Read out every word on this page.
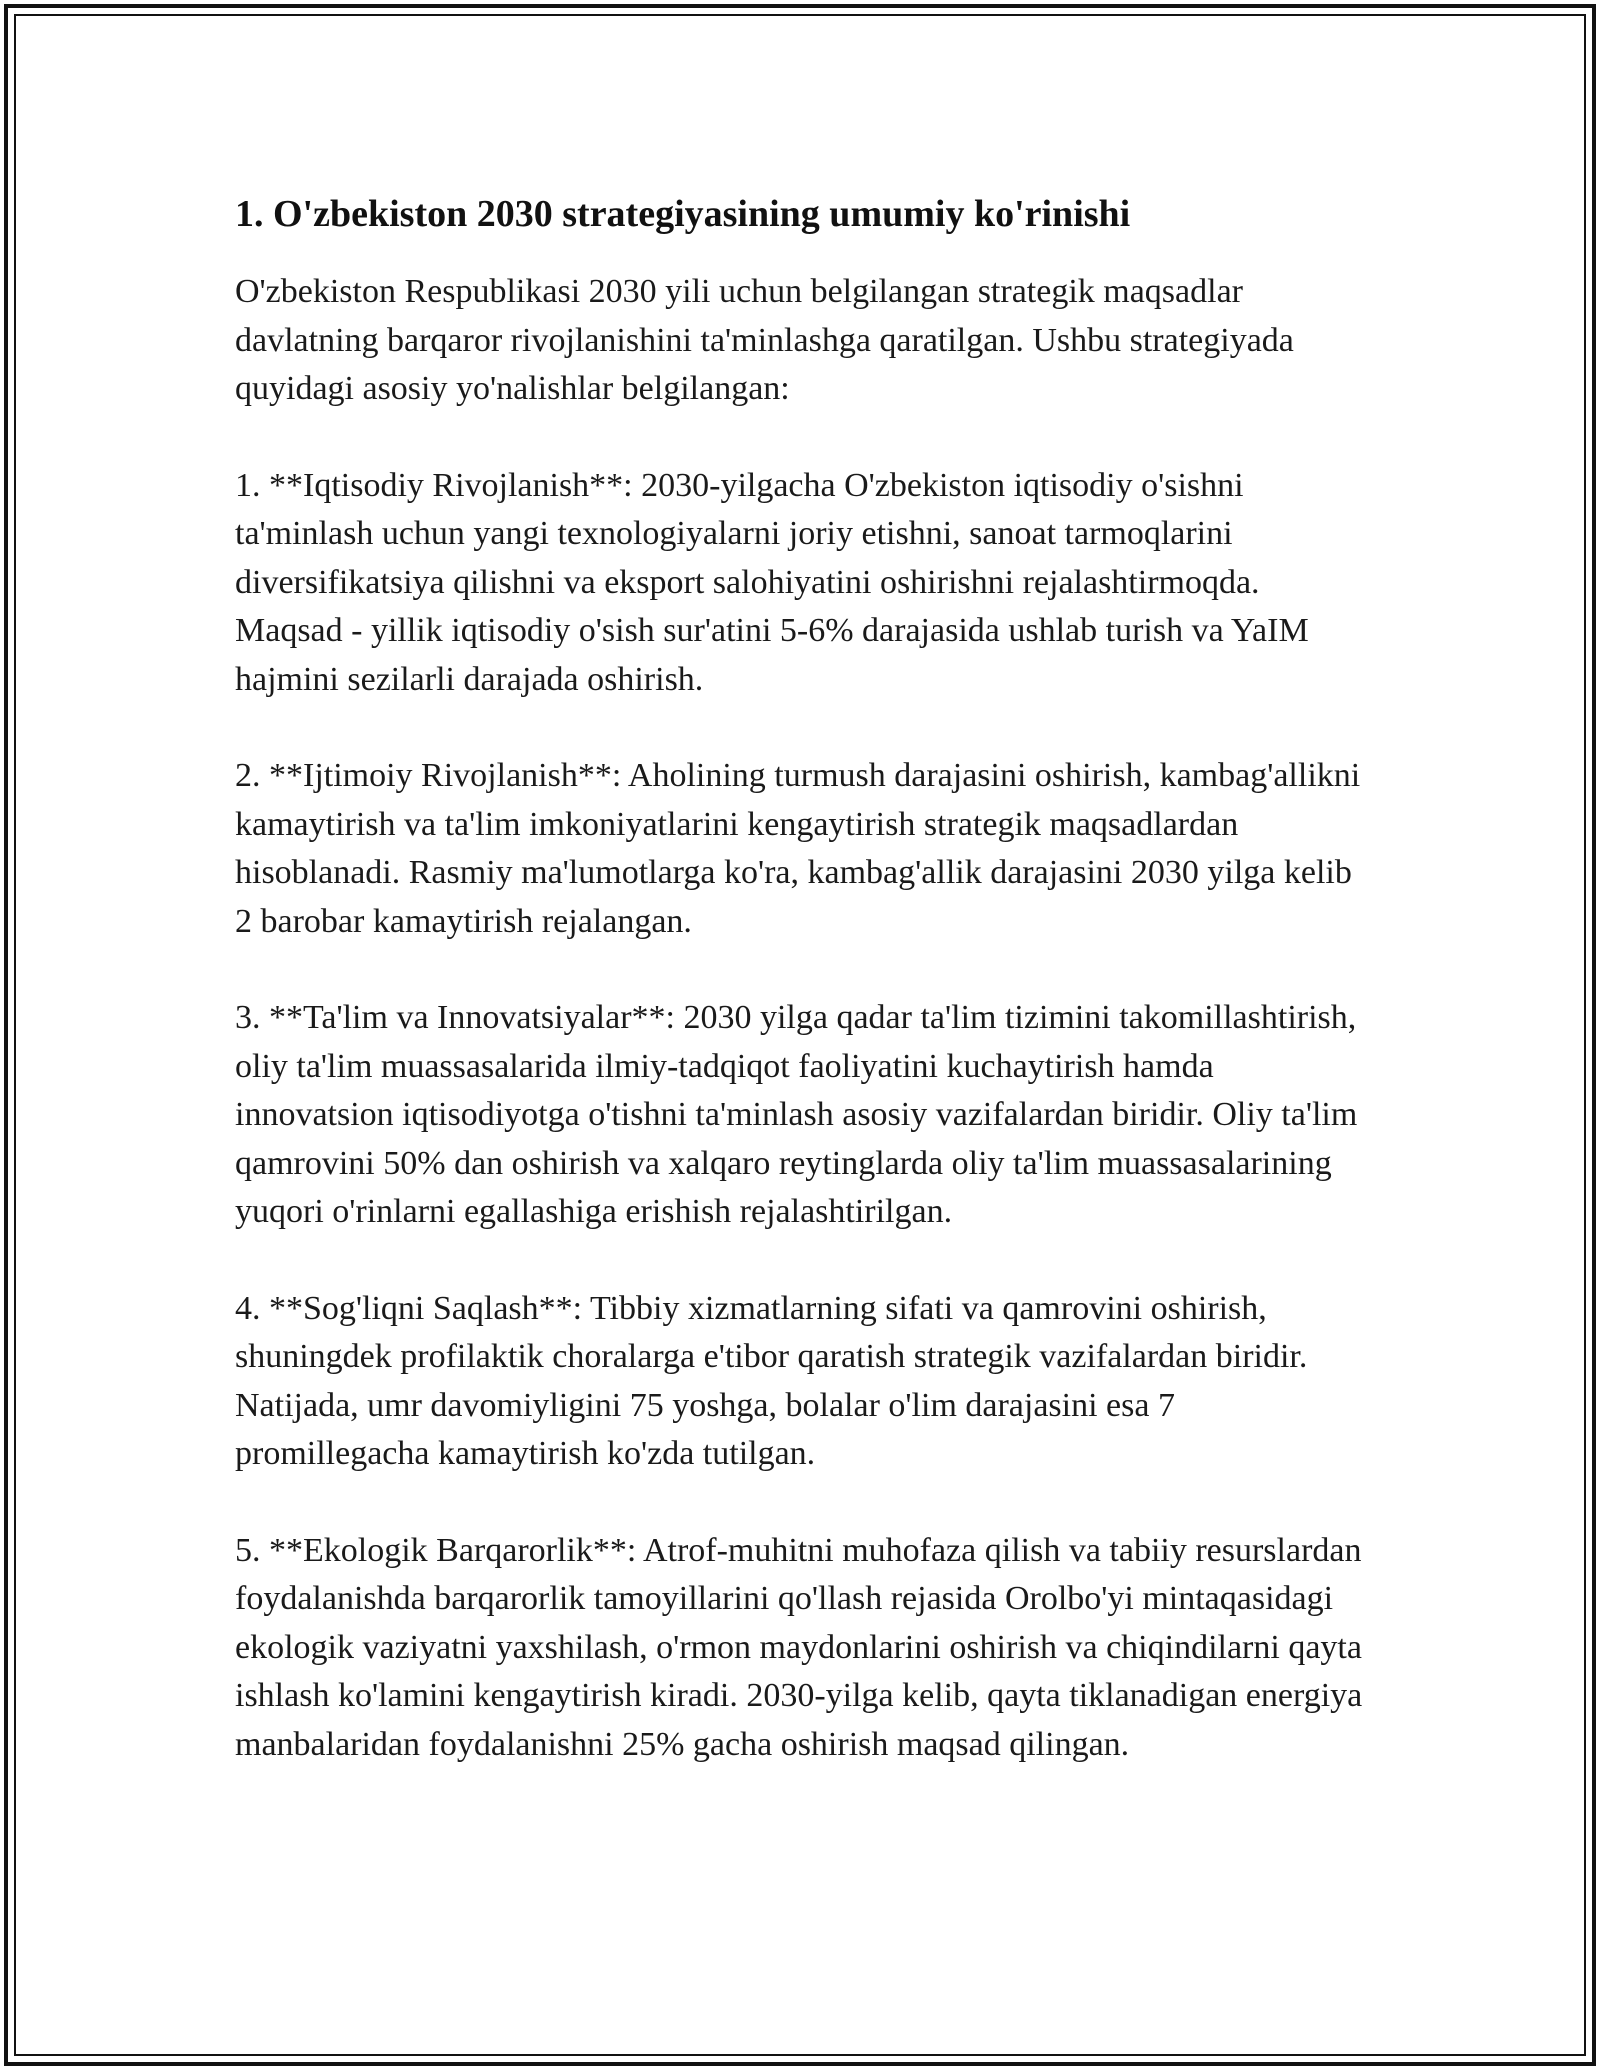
1. O'zbekiston 2030 strategiyasining umumiy ko'rinishi

O'zbekiston Respublikasi 2030 yili uchun belgilangan strategik maqsadlar davlatning barqaror rivojlanishini ta'minlashga qaratilgan. Ushbu strategiyada quyidagi asosiy yo'nalishlar belgilangan:

1. **Iqtisodiy Rivojlanish**: 2030-yilgacha O'zbekiston iqtisodiy o'sishni ta'minlash uchun yangi texnologiyalarni joriy etishni, sanoat tarmoqlarini diversifikatsiya qilishni va eksport salohiyatini oshirishni rejalashtirmoqda. Maqsad - yillik iqtisodiy o'sish sur'atini 5-6% darajasida ushlab turish va YaIM hajmini sezilarli darajada oshirish.

2. **Ijtimoiy Rivojlanish**: Aholining turmush darajasini oshirish, kambag'allikni kamaytirish va ta'lim imkoniyatlarini kengaytirish strategik maqsadlardan hisoblanadi. Rasmiy ma'lumotlarga ko'ra, kambag'allik darajasini 2030 yilga kelib 2 barobar kamaytirish rejalangan.

3. **Ta'lim va Innovatsiyalar**: 2030 yilga qadar ta'lim tizimini takomillashtirish, oliy ta'lim muassasalarida ilmiy-tadqiqot faoliyatini kuchaytirish hamda innovatsion iqtisodiyotga o'tishni ta'minlash asosiy vazifalardan biridir. Oliy ta'lim qamrovini 50% dan oshirish va xalqaro reytinglarda oliy ta'lim muassasalarining yuqori o'rinlarni egallashiga erishish rejalashtirilgan.

4. **Sog'liqni Saqlash**: Tibbiy xizmatlarning sifati va qamrovini oshirish, shuningdek profilaktik choralarga e'tibor qaratish strategik vazifalardan biridir. Natijada, umr davomiyligini 75 yoshga, bolalar o'lim darajasini esa 7 promillegacha kamaytirish ko'zda tutilgan.

5. **Ekologik Barqarorlik**: Atrof-muhitni muhofaza qilish va tabiiy resurslardan foydalanishda barqarorlik tamoyillarini qo'llash rejasida Orolbo'yi mintaqasidagi ekologik vaziyatni yaxshilash, o'rmon maydonlarini oshirish va chiqindilarni qayta ishlash ko'lamini kengaytirish kiradi. 2030-yilga kelib, qayta tiklanadigan energiya manbalaridan foydalanishni 25% gacha oshirish maqsad qilingan.
